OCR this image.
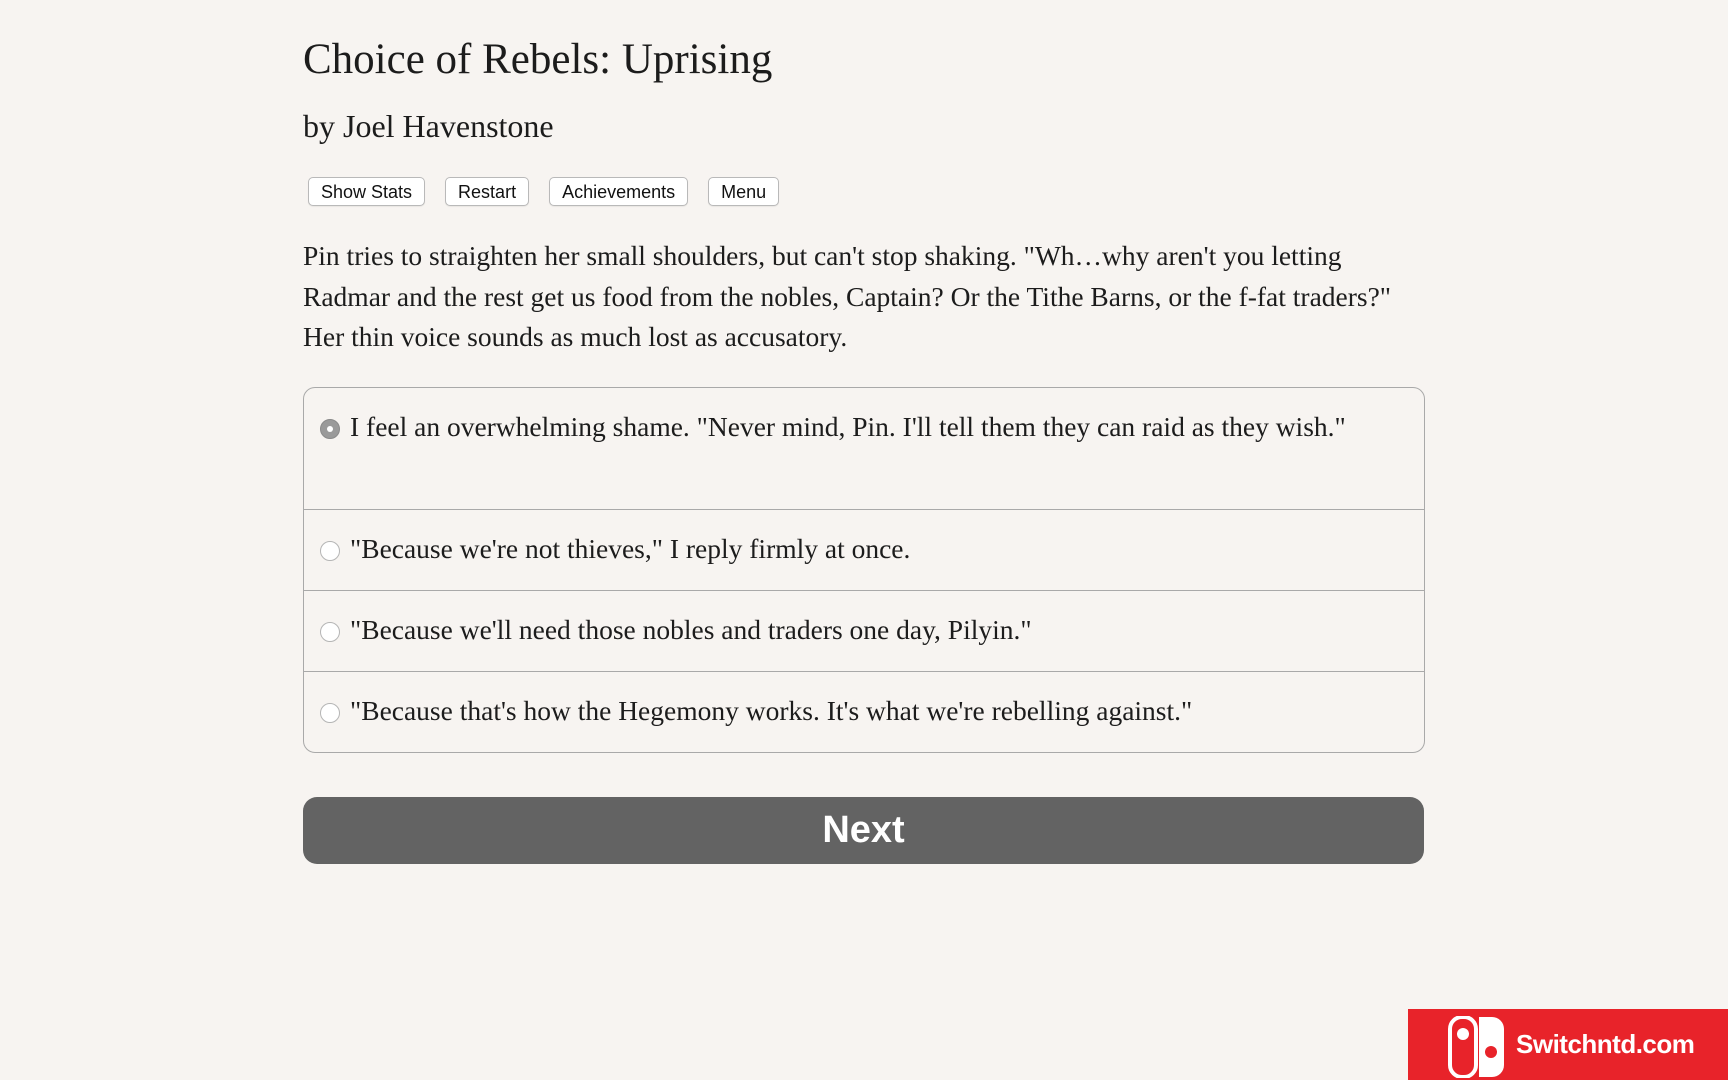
Choice of Rebels: Uprising
by Joel Havenstone
Show Stats	Restart	Achievements	Menu

Pin tries to straighten her small shoulders, but can't stop shaking. "Wh…why aren't you letting Radmar and the rest get us food from the nobles, Captain? Or the Tithe Barns, or the f-fat traders?" Her thin voice sounds as much lost as accusatory.

I feel an overwhelming shame. "Never mind, Pin. I'll tell them they can raid as they wish."
"Because we're not thieves," I reply firmly at once.
"Because we'll need those nobles and traders one day, Pilyin."
"Because that's how the Hegemony works. It's what we're rebelling against."
Next
Switchntd.com
